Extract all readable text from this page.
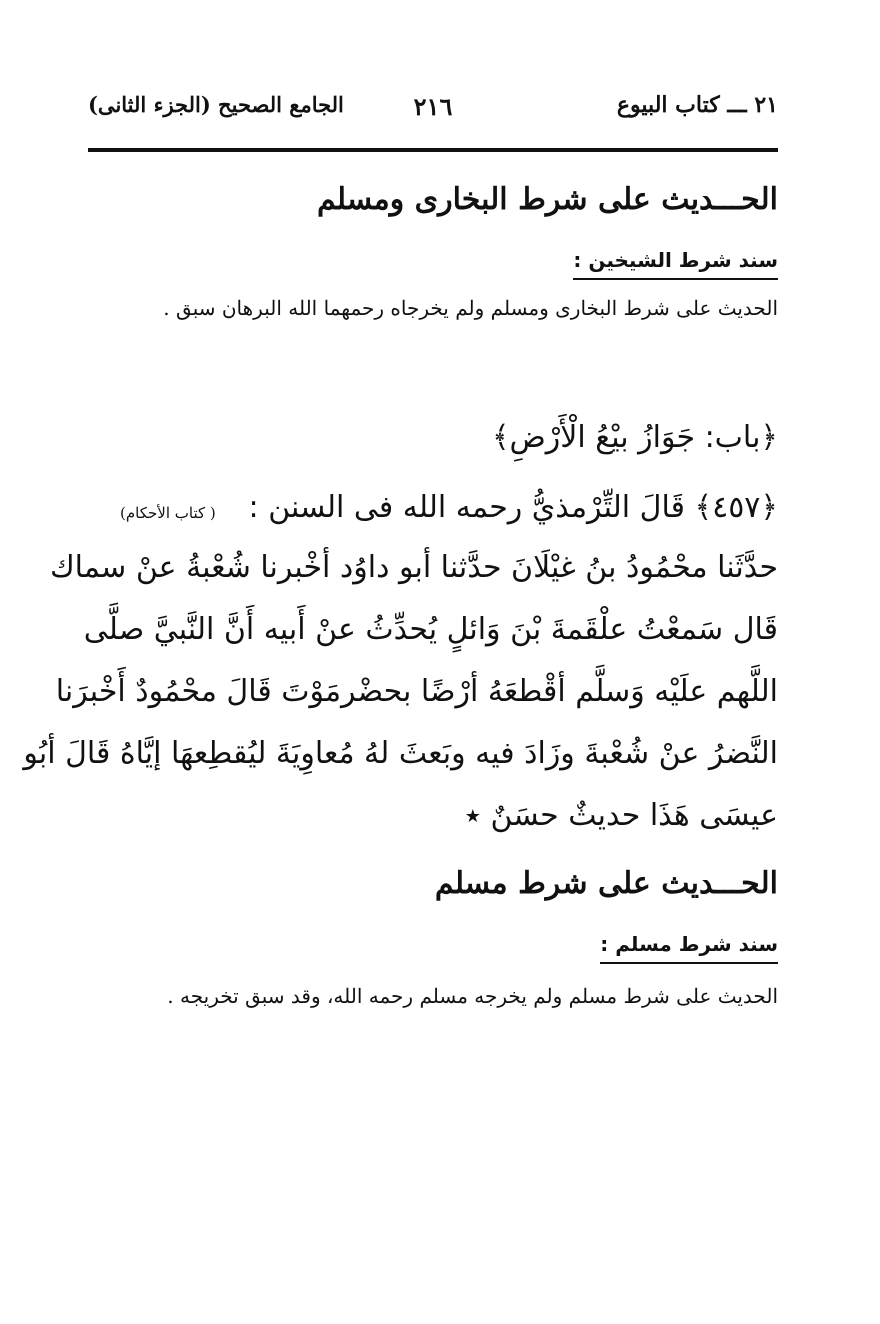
٢١ ـــ كتاب البيوع
٢١٦
الجامع الصحيح (الجزء الثانى)
الحـــديث على شرط البخارى ومسلم
سند شرط الشيخين :
الحديث على شرط البخارى ومسلم ولم يخرجاه رحمهما الله البرهان سبق .
﴿باب: جَوَازُ بيْعُ الْأَرْضِ﴾
﴿٤٥٧﴾ قَالَ التِّرْمذيُّ رحمه الله فى السنن :
( كتاب الأحكام)
حدَّثَنا محْمُودُ بنُ غيْلَانَ حدَّثنا أبو داوُد أخْبرنا شُعْبةُ عنْ سماك
قَال سَمعْتُ علْقَمةَ بْنَ وَائلٍ يُحدِّثُ عنْ أَبيه أَنَّ النَّبيَّ صلَّى
اللَّهم علَيْه وَسلَّم أقْطعَهُ أرْضًا بحضْرمَوْتَ قَالَ محْمُودٌ أَخْبرَنا
النَّضرُ عنْ شُعْبةَ وزَادَ فيه وبَعثَ لهُ مُعاوِيَةَ ليُقطِعهَا إيَّاهُ قَالَ أبُو
عيسَى هَذَا حديثٌ حسَنٌ ٭
الحـــديث على شرط مسلم
سند شرط مسلم :
الحديث على شرط مسلم ولم يخرجه مسلم رحمه الله، وقد سبق تخريجه .
